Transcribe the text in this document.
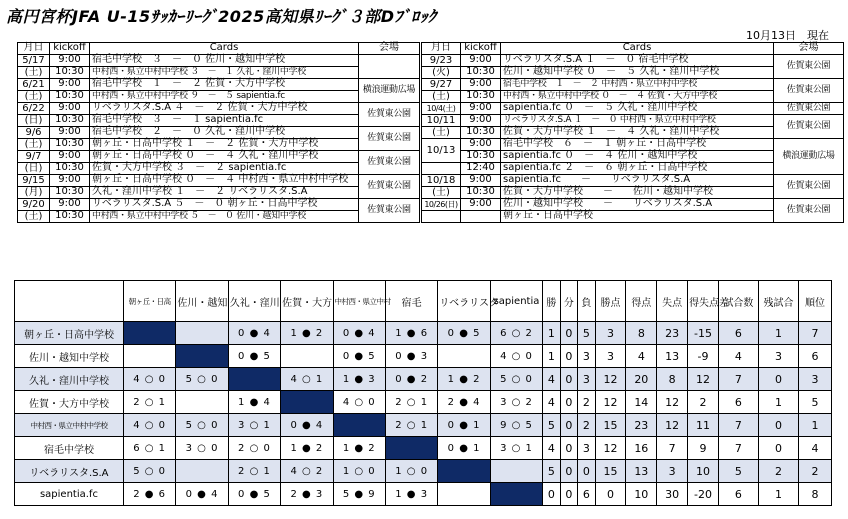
高円宮杯JFA U-15ｻｯｶｰﾘｰｸﾞ2025高知県ﾘｰｸﾞ３部Dﾌﾞﾛｯｸ
10月13日　現在
月日	kickoff	Cards	会場	月日	kickoff	Cards	会場
5/17	9:00	宿毛中学校　３　－　０ 佐川・越知中学校		9/23	9:00	リベラリスタ.S.A １　－　０ 宿毛中学校	佐賀東公園
(土)	10:30	中村西・県立中村中学校 ３　－　１ 久礼・窪川中学校		(火)	10:30	佐川・越知中学校 ０　－　５ 久礼・窪川中学校	
6/21	9:00	宿毛中学校　１　－　２ 佐賀・大方中学校	横浪運動広場	9/27	9:00	宿毛中学校　１　－　２ 中村西・県立中村中学校	佐賀東公園
(土)	10:30	中村西・県立中村中学校 ９　－　５ sapientia.fc		(土)	10:30	中村西・県立中村中学校 ０　－　４ 佐賀・大方中学校	
6/22	9:00	リベラリスタ.S.A ４　－　２ 佐賀・大方中学校	佐賀東公園	10/4(土)	9:00	sapientia.fc ０　－　５ 久礼・窪川中学校	佐賀東公園
(日)	10:30	宿毛中学校　３　－　１ sapientia.fc		10/11	9:00	リベラリスタ.S.A １　－　０ 中村西・県立中村中学校	佐賀東公園
9/6	9:00	宿毛中学校　２　－　０ 久礼・窪川中学校	佐賀東公園	(土)	10:30	佐賀・大方中学校 １　－　４ 久礼・窪川中学校	
(土)	10:30	朝ヶ丘・日高中学校 １　－　２ 佐賀・大方中学校		10/13	9:00	宿毛中学校　６　－　１ 朝ヶ丘・日高中学校	横浪運動広場
9/7	9:00	朝ヶ丘・日高中学校 ０　－　４ 久礼・窪川中学校	佐賀東公園		10:30	sapientia.fc ０　－　４ 佐川・越知中学校	
(日)	10:30	佐賀・大方中学校 ３　－　２ sapientia.fc			12:40	sapientia.fc ２　－　６ 朝ヶ丘・日高中学校	
9/15	9:00	朝ヶ丘・日高中学校 ０　－　４ 中村西・県立中村中学校	佐賀東公園	10/18	9:00	sapientia.fc　　－　　リベラリスタ.S.A	佐賀東公園
(月)	10:30	久礼・窪川中学校 １　－　２ リベラリスタ.S.A		(土)	10:30	佐賀・大方中学校　　－　　佐川・越知中学校	
9/20	9:00	リベラリスタ.S.A ５　－　０ 朝ヶ丘・日高中学校	佐賀東公園	10/26(日)	9:00	佐川・越知中学校　　－　　リベラリスタ.S.A	佐賀東公園
(土)	10:30	中村西・県立中村中学校 ５　－　０ 佐川・越知中学校				朝ヶ丘・日高中学校	
	朝ヶ丘・日高	佐川・越知	久礼・窪川	佐賀・大方	中村西・県立中村	宿毛	リベラリスタ	sapientia	勝	分	負	勝点	得点	失点	得失点差	試合数	残試合	順位
朝ヶ丘・日高中学校			0 ● 4	1 ● 2	0 ● 4	1 ● 6	0 ● 5	6 ○ 2	1	0	5	3	8	23	-15	6	1	7
佐川・越知中学校			0 ● 5		0 ● 5	0 ● 3		4 ○ 0	1	0	3	3	4	13	-9	4	3	6
久礼・窪川中学校	4 ○ 0	5 ○ 0		4 ○ 1	1 ● 3	0 ● 2	1 ● 2	5 ○ 0	4	0	3	12	20	8	12	7	0	3
佐賀・大方中学校	2 ○ 1		1 ● 4		4 ○ 0	2 ○ 1	2 ● 4	3 ○ 2	4	0	2	12	14	12	2	6	1	5
中村西・県立中村中学校	4 ○ 0	5 ○ 0	3 ○ 1	0 ● 4		2 ○ 1	0 ● 1	9 ○ 5	5	0	2	15	23	12	11	7	0	1
宿毛中学校	6 ○ 1	3 ○ 0	2 ○ 0	1 ● 2	1 ● 2		0 ● 1	3 ○ 1	4	0	3	12	16	7	9	7	0	4
リベラリスタ.S.A	5 ○ 0		2 ○ 1	4 ○ 2	1 ○ 0	1 ○ 0			5	0	0	15	13	3	10	5	2	2
sapientia.fc	2 ● 6	0 ● 4	0 ● 5	2 ● 3	5 ● 9	1 ● 3			0	0	6	0	10	30	-20	6	1	8
